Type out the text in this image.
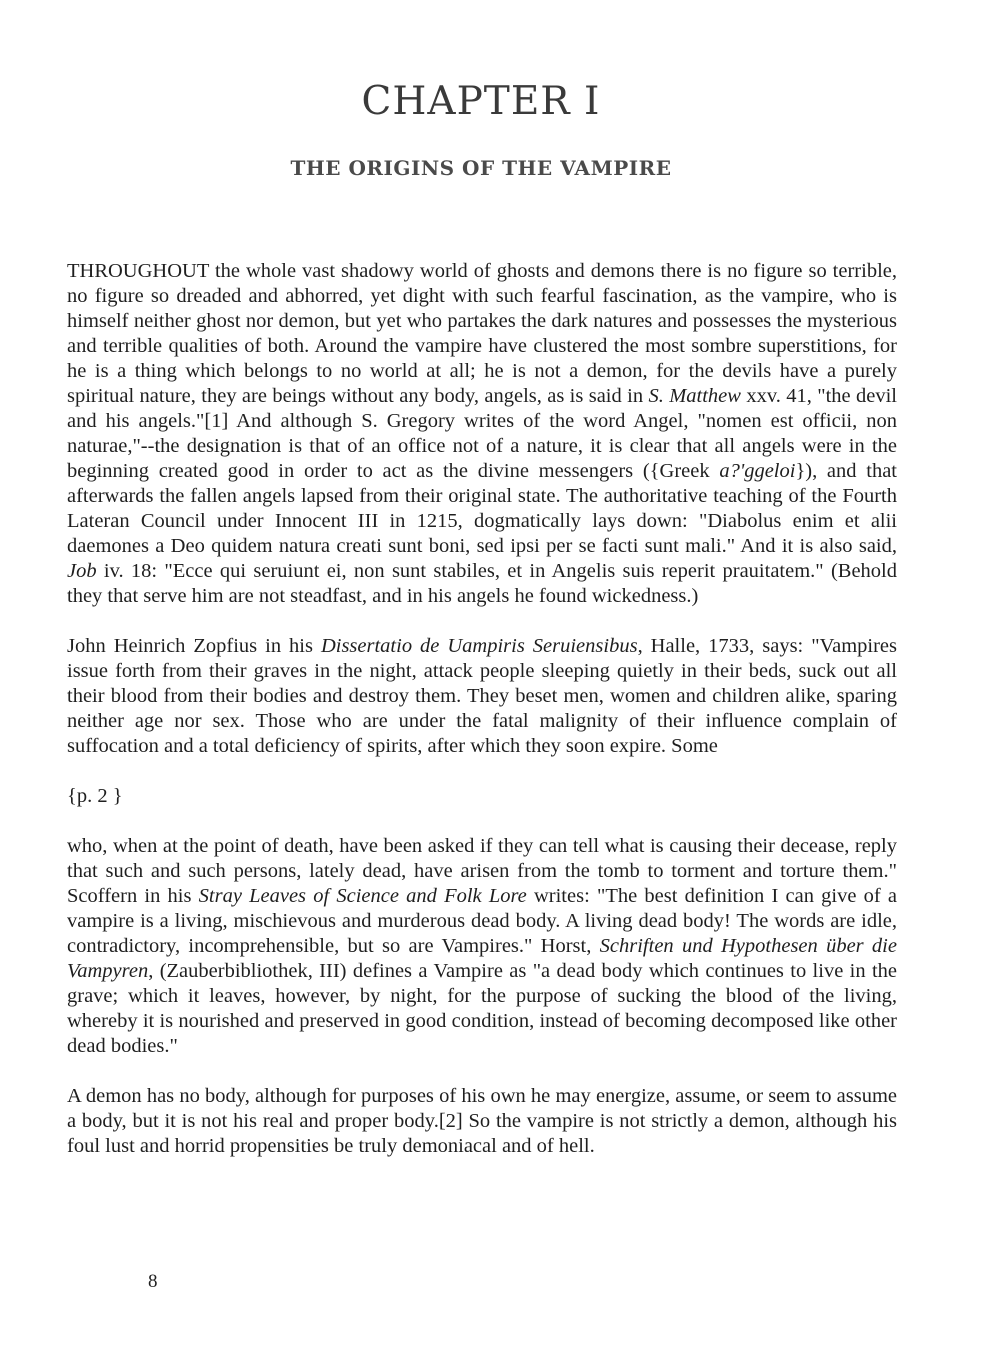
CHAPTER I
THE ORIGINS OF THE VAMPIRE

THROUGHOUT the whole vast shadowy world of ghosts and demons there is no figure so terrible, no figure so dreaded and abhorred, yet dight with such fearful fascination, as the vampire, who is himself neither ghost nor demon, but yet who partakes the dark natures and possesses the mysterious and terrible qualities of both. Around the vampire have clustered the most sombre superstitions, for he is a thing which belongs to no world at all; he is not a demon, for the devils have a purely spiritual nature, they are beings without any body, angels, as is said in S. Matthew xxv. 41, "the devil and his angels."[1] And although S. Gregory writes of the word Angel, "nomen est officii, non naturae,"--the designation is that of an office not of a nature, it is clear that all angels were in the beginning created good in order to act as the divine messengers ({Greek a?'ggeloi}), and that afterwards the fallen angels lapsed from their original state. The authoritative teaching of the Fourth Lateran Council under Innocent III in 1215, dogmatically lays down: "Diabolus enim et alii daemones a Deo quidem natura creati sunt boni, sed ipsi per se facti sunt mali." And it is also said, Job iv. 18: "Ecce qui seruiunt ei, non sunt stabiles, et in Angelis suis reperit prauitatem." (Behold they that serve him are not steadfast, and in his angels he found wickedness.)

John Heinrich Zopfius in his Dissertatio de Uampiris Seruiensibus, Halle, 1733, says: "Vampires issue forth from their graves in the night, attack people sleeping quietly in their beds, suck out all their blood from their bodies and destroy them. They beset men, women and children alike, sparing neither age nor sex. Those who are under the fatal malignity of their influence complain of suffocation and a total deficiency of spirits, after which they soon expire. Some

{p. 2 }

who, when at the point of death, have been asked if they can tell what is causing their decease, reply that such and such persons, lately dead, have arisen from the tomb to torment and torture them." Scoffern in his Stray Leaves of Science and Folk Lore writes: "The best definition I can give of a vampire is a living, mischievous and murderous dead body. A living dead body! The words are idle, contradictory, incomprehensible, but so are Vampires." Horst, Schriften und Hypothesen über die Vampyren, (Zauberbibliothek, III) defines a Vampire as "a dead body which continues to live in the grave; which it leaves, however, by night, for the purpose of sucking the blood of the living, whereby it is nourished and preserved in good condition, instead of becoming decomposed like other dead bodies."

A demon has no body, although for purposes of his own he may energize, assume, or seem to assume a body, but it is not his real and proper body.[2] So the vampire is not strictly a demon, although his foul lust and horrid propensities be truly demoniacal and of hell.

8
